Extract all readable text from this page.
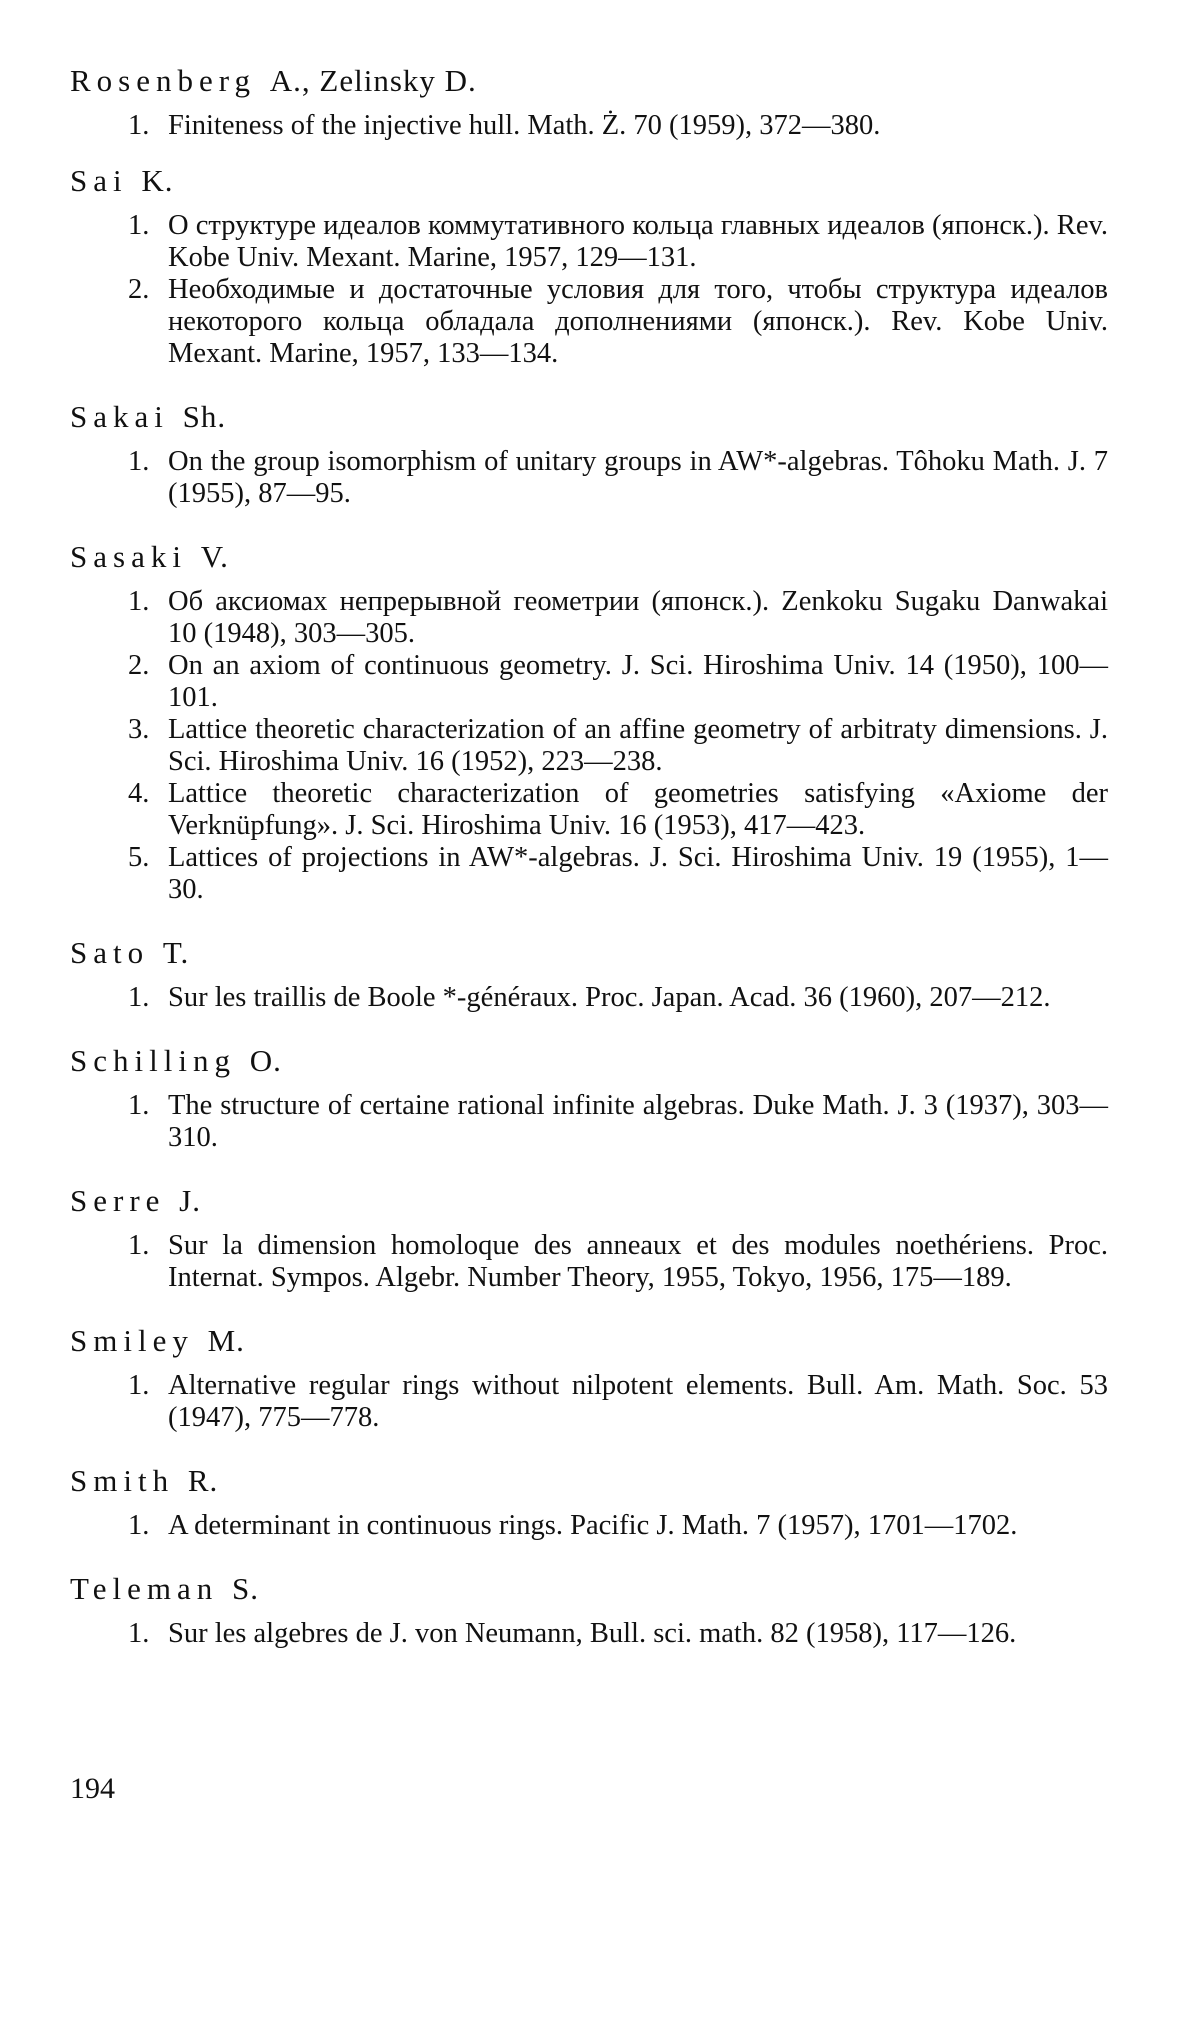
Rosenberg A., Zelinsky D.

1. Finiteness of the injective hull. Math. Ż. 70 (1959), 372—380.

Sai K.

1. О структуре идеалов коммутативного кольца главных идеалов (японск.). Rev. Kobe Univ. Mexant. Marine, 1957, 129—131.

2. Необходимые и достаточные условия для того, чтобы структура идеалов некоторого кольца обладала дополнениями (японск.). Rev. Kobe Univ. Mexant. Marine, 1957, 133—134.

Sakai Sh.

1. On the group isomorphism of unitary groups in AW*-algebras. Tôhoku Math. J. 7 (1955), 87—95.

Sasaki V.

1. Об аксиомах непрерывной геометрии (японск.). Zenkoku Sugaku Danwakai 10 (1948), 303—305.

2. On an axiom of continuous geometry. J. Sci. Hiroshima Univ. 14 (1950), 100—101.

3. Lattice theoretic characterization of an affine geometry of arbitraty dimensions. J. Sci. Hiroshima Univ. 16 (1952), 223—238.

4. Lattice theoretic characterization of geometries satisfying «Axiome der Verknüpfung». J. Sci. Hiroshima Univ. 16 (1953), 417—423.

5. Lattices of projections in AW*-algebras. J. Sci. Hiroshima Univ. 19 (1955), 1—30.

Sato T.

1. Sur les traillis de Boole *-généraux. Proc. Japan. Acad. 36 (1960), 207—212.

Schilling O.

1. The structure of certaine rational infinite algebras. Duke Math. J. 3 (1937), 303—310.

Serre J.

1. Sur la dimension homoloque des anneaux et des modules noethériens. Proc. Internat. Sympos. Algebr. Number Theory, 1955, Tokyo, 1956, 175—189.

Smiley M.

1. Alternative regular rings without nilpotent elements. Bull. Am. Math. Soc. 53 (1947), 775—778.

Smith R.

1. A determinant in continuous rings. Pacific J. Math. 7 (1957), 1701—1702.

Teleman S.

1. Sur les algebres de J. von Neumann, Bull. sci. math. 82 (1958), 117—126.

194
